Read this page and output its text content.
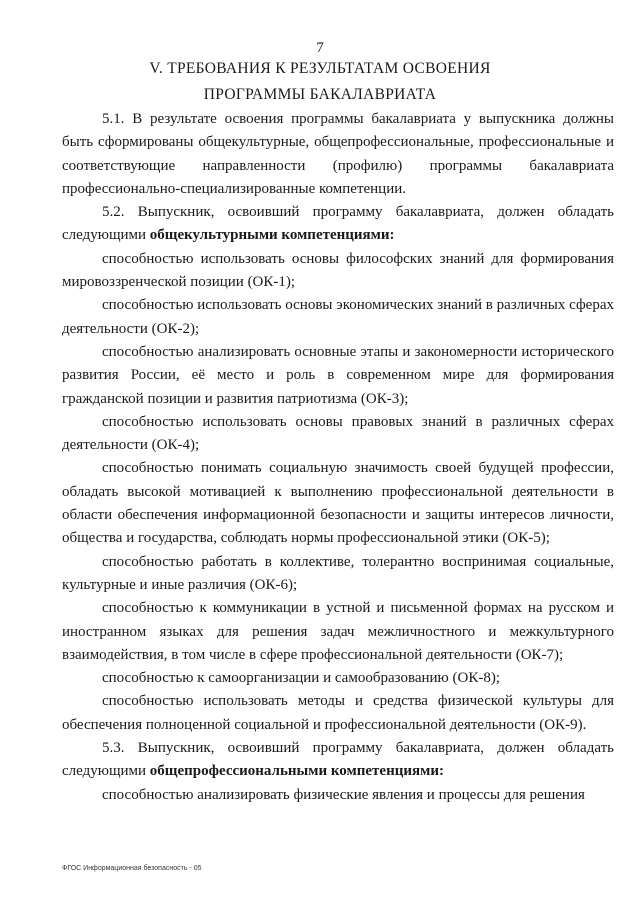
7
V. ТРЕБОВАНИЯ К РЕЗУЛЬТАТАМ ОСВОЕНИЯ
ПРОГРАММЫ БАКАЛАВРИАТА

5.1. В результате освоения программы бакалавриата у выпускника должны быть сформированы общекультурные, общепрофессиональные, профессиональные и соответствующие направленности (профилю) программы бакалавриата профессионально-специализированные компетенции.

5.2. Выпускник, освоивший программу бакалавриата, должен обладать следующими общекультурными компетенциями:

способностью использовать основы философских знаний для формирования мировоззренческой позиции (ОК-1);

способностью использовать основы экономических знаний в различных сферах деятельности (ОК-2);

способностью анализировать основные этапы и закономерности исторического развития России, её место и роль в современном мире для формирования гражданской позиции и развития патриотизма (ОК-3);

способностью использовать основы правовых знаний в различных сферах деятельности (ОК-4);

способностью понимать социальную значимость своей будущей профессии, обладать высокой мотивацией к выполнению профессиональной деятельности в области обеспечения информационной безопасности и защиты интересов личности, общества и государства, соблюдать нормы профессиональной этики (ОК-5);

способностью работать в коллективе, толерантно воспринимая социальные, культурные и иные различия (ОК-6);

способностью к коммуникации в устной и письменной формах на русском и иностранном языках для решения задач межличностного и межкультурного взаимодействия, в том числе в сфере профессиональной деятельности (ОК-7);

способностью к самоорганизации и самообразованию (ОК-8);

способностью использовать методы и средства физической культуры для обеспечения полноценной социальной и профессиональной деятельности (ОК-9).

5.3. Выпускник, освоивший программу бакалавриата, должен обладать следующими общепрофессиональными компетенциями:

способностью анализировать физические явления и процессы для решения

ФГОС Информационная безопасность - 05
